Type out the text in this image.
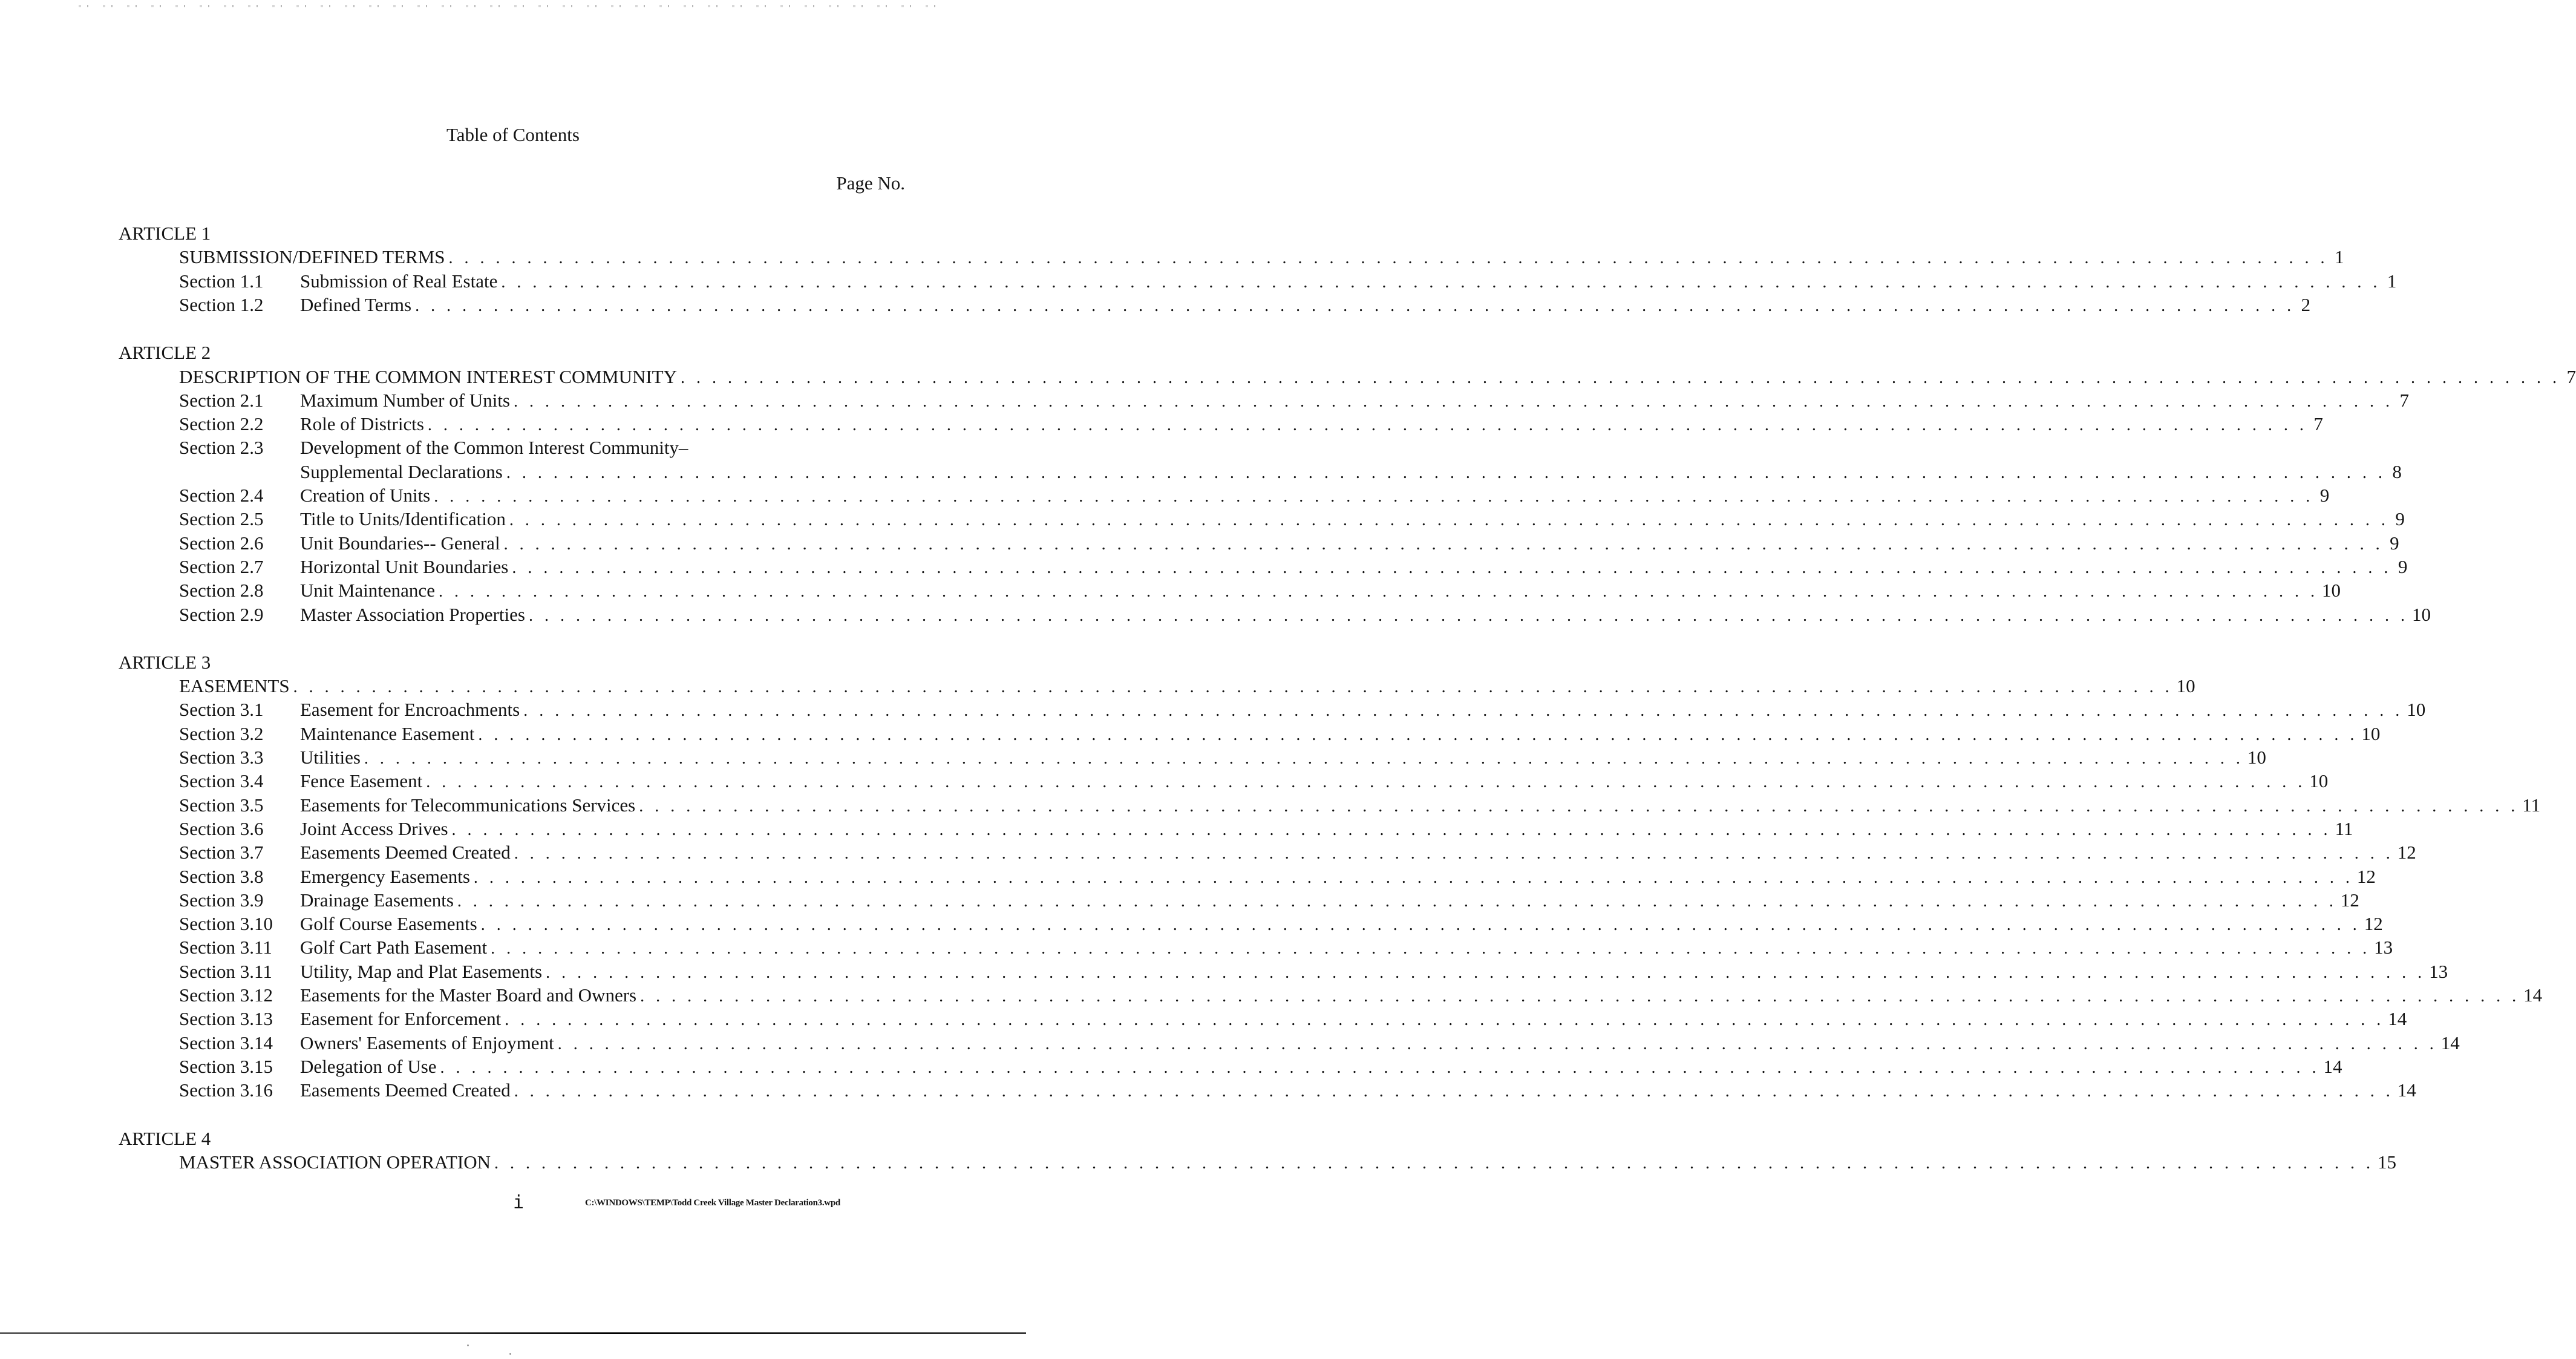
Table of Contents
Page No.
ARTICLE 1
SUBMISSION/DEFINED TERMS . . . . . . . . . . . . . . . . . . . . . . . . . . . . . . . . . . . . . . . . . . . . . . . . . . . . . . . . . . . . . . . . . . . . . . . . . . . . . . . . . . . . . . . . . . . . . . . . . . . . . . . . . . . . . . . . . . . . . . . . 1
Section 1.1	Submission of Real Estate . . . . . . . . . . . . . . . . . . . . . . . . . . . . . . . . . . . . . . . . . . . . . . . . . . . . . . . . . . . . . . . . . . . . . . . . . . . . . . . . . . . . . . . . . . . . . . . . . . . . . . . . . . . . . . . . . . . . . . . . 1
Section 1.2	Defined Terms . . . . . . . . . . . . . . . . . . . . . . . . . . . . . . . . . . . . . . . . . . . . . . . . . . . . . . . . . . . . . . . . . . . . . . . . . . . . . . . . . . . . . . . . . . . . . . . . . . . . . . . . . . . . . . . . . . . . . . . . 2
ARTICLE 2
DESCRIPTION OF THE COMMON INTEREST COMMUNITY . . . . . . . . . . . . . . . . . . . . . . . . . . . . . . . . . . . . . . . . . . . . . . . . . . . . . . . . . . . . . . . . . . . . . . . . . . . . . . . . . . . . . . . . . . . . . . . . . . . . . . . . . . . . . . . . . . . . . . . . 7
Section 2.1	Maximum Number of Units . . . . . . . . . . . . . . . . . . . . . . . . . . . . . . . . . . . . . . . . . . . . . . . . . . . . . . . . . . . . . . . . . . . . . . . . . . . . . . . . . . . . . . . . . . . . . . . . . . . . . . . . . . . . . . . . . . . . . . . . 7
Section 2.2	Role of Districts . . . . . . . . . . . . . . . . . . . . . . . . . . . . . . . . . . . . . . . . . . . . . . . . . . . . . . . . . . . . . . . . . . . . . . . . . . . . . . . . . . . . . . . . . . . . . . . . . . . . . . . . . . . . . . . . . . . . . . . . 7
Section 2.3	Development of the Common Interest Community–
Supplemental Declarations . . . . . . . . . . . . . . . . . . . . . . . . . . . . . . . . . . . . . . . . . . . . . . . . . . . . . . . . . . . . . . . . . . . . . . . . . . . . . . . . . . . . . . . . . . . . . . . . . . . . . . . . . . . . . . . . . . . . . . . . 8
Section 2.4	Creation of Units . . . . . . . . . . . . . . . . . . . . . . . . . . . . . . . . . . . . . . . . . . . . . . . . . . . . . . . . . . . . . . . . . . . . . . . . . . . . . . . . . . . . . . . . . . . . . . . . . . . . . . . . . . . . . . . . . . . . . . . . 9
Section 2.5	Title to Units/Identification . . . . . . . . . . . . . . . . . . . . . . . . . . . . . . . . . . . . . . . . . . . . . . . . . . . . . . . . . . . . . . . . . . . . . . . . . . . . . . . . . . . . . . . . . . . . . . . . . . . . . . . . . . . . . . . . . . . . . . . . 9
Section 2.6	Unit Boundaries-- General . . . . . . . . . . . . . . . . . . . . . . . . . . . . . . . . . . . . . . . . . . . . . . . . . . . . . . . . . . . . . . . . . . . . . . . . . . . . . . . . . . . . . . . . . . . . . . . . . . . . . . . . . . . . . . . . . . . . . . . . 9
Section 2.7	Horizontal Unit Boundaries . . . . . . . . . . . . . . . . . . . . . . . . . . . . . . . . . . . . . . . . . . . . . . . . . . . . . . . . . . . . . . . . . . . . . . . . . . . . . . . . . . . . . . . . . . . . . . . . . . . . . . . . . . . . . . . . . . . . . . . . 9
Section 2.8	Unit Maintenance . . . . . . . . . . . . . . . . . . . . . . . . . . . . . . . . . . . . . . . . . . . . . . . . . . . . . . . . . . . . . . . . . . . . . . . . . . . . . . . . . . . . . . . . . . . . . . . . . . . . . . . . . . . . . . . . . . . . . . . . 10
Section 2.9	Master Association Properties . . . . . . . . . . . . . . . . . . . . . . . . . . . . . . . . . . . . . . . . . . . . . . . . . . . . . . . . . . . . . . . . . . . . . . . . . . . . . . . . . . . . . . . . . . . . . . . . . . . . . . . . . . . . . . . . . . . . . . . . 10
ARTICLE 3
EASEMENTS . . . . . . . . . . . . . . . . . . . . . . . . . . . . . . . . . . . . . . . . . . . . . . . . . . . . . . . . . . . . . . . . . . . . . . . . . . . . . . . . . . . . . . . . . . . . . . . . . . . . . . . . . . . . . . . . . . . . . . . . 10
Section 3.1	Easement for Encroachments . . . . . . . . . . . . . . . . . . . . . . . . . . . . . . . . . . . . . . . . . . . . . . . . . . . . . . . . . . . . . . . . . . . . . . . . . . . . . . . . . . . . . . . . . . . . . . . . . . . . . . . . . . . . . . . . . . . . . . . . 10
Section 3.2	Maintenance Easement . . . . . . . . . . . . . . . . . . . . . . . . . . . . . . . . . . . . . . . . . . . . . . . . . . . . . . . . . . . . . . . . . . . . . . . . . . . . . . . . . . . . . . . . . . . . . . . . . . . . . . . . . . . . . . . . . . . . . . . . 10
Section 3.3	Utilities . . . . . . . . . . . . . . . . . . . . . . . . . . . . . . . . . . . . . . . . . . . . . . . . . . . . . . . . . . . . . . . . . . . . . . . . . . . . . . . . . . . . . . . . . . . . . . . . . . . . . . . . . . . . . . . . . . . . . . . . 10
Section 3.4	Fence Easement . . . . . . . . . . . . . . . . . . . . . . . . . . . . . . . . . . . . . . . . . . . . . . . . . . . . . . . . . . . . . . . . . . . . . . . . . . . . . . . . . . . . . . . . . . . . . . . . . . . . . . . . . . . . . . . . . . . . . . . . 10
Section 3.5	Easements for Telecommunications Services . . . . . . . . . . . . . . . . . . . . . . . . . . . . . . . . . . . . . . . . . . . . . . . . . . . . . . . . . . . . . . . . . . . . . . . . . . . . . . . . . . . . . . . . . . . . . . . . . . . . . . . . . . . . . . . . . . . . . . . . 11
Section 3.6	Joint Access Drives . . . . . . . . . . . . . . . . . . . . . . . . . . . . . . . . . . . . . . . . . . . . . . . . . . . . . . . . . . . . . . . . . . . . . . . . . . . . . . . . . . . . . . . . . . . . . . . . . . . . . . . . . . . . . . . . . . . . . . . . 11
Section 3.7	Easements Deemed Created . . . . . . . . . . . . . . . . . . . . . . . . . . . . . . . . . . . . . . . . . . . . . . . . . . . . . . . . . . . . . . . . . . . . . . . . . . . . . . . . . . . . . . . . . . . . . . . . . . . . . . . . . . . . . . . . . . . . . . . . 12
Section 3.8	Emergency Easements . . . . . . . . . . . . . . . . . . . . . . . . . . . . . . . . . . . . . . . . . . . . . . . . . . . . . . . . . . . . . . . . . . . . . . . . . . . . . . . . . . . . . . . . . . . . . . . . . . . . . . . . . . . . . . . . . . . . . . . . 12
Section 3.9	Drainage Easements . . . . . . . . . . . . . . . . . . . . . . . . . . . . . . . . . . . . . . . . . . . . . . . . . . . . . . . . . . . . . . . . . . . . . . . . . . . . . . . . . . . . . . . . . . . . . . . . . . . . . . . . . . . . . . . . . . . . . . . . 12
Section 3.10	Golf Course Easements . . . . . . . . . . . . . . . . . . . . . . . . . . . . . . . . . . . . . . . . . . . . . . . . . . . . . . . . . . . . . . . . . . . . . . . . . . . . . . . . . . . . . . . . . . . . . . . . . . . . . . . . . . . . . . . . . . . . . . . . 12
Section 3.11	Golf Cart Path Easement . . . . . . . . . . . . . . . . . . . . . . . . . . . . . . . . . . . . . . . . . . . . . . . . . . . . . . . . . . . . . . . . . . . . . . . . . . . . . . . . . . . . . . . . . . . . . . . . . . . . . . . . . . . . . . . . . . . . . . . . 13
Section 3.11	Utility, Map and Plat Easements . . . . . . . . . . . . . . . . . . . . . . . . . . . . . . . . . . . . . . . . . . . . . . . . . . . . . . . . . . . . . . . . . . . . . . . . . . . . . . . . . . . . . . . . . . . . . . . . . . . . . . . . . . . . . . . . . . . . . . . . 13
Section 3.12	Easements for the Master Board and Owners . . . . . . . . . . . . . . . . . . . . . . . . . . . . . . . . . . . . . . . . . . . . . . . . . . . . . . . . . . . . . . . . . . . . . . . . . . . . . . . . . . . . . . . . . . . . . . . . . . . . . . . . . . . . . . . . . . . . . . . . 14
Section 3.13	Easement for Enforcement . . . . . . . . . . . . . . . . . . . . . . . . . . . . . . . . . . . . . . . . . . . . . . . . . . . . . . . . . . . . . . . . . . . . . . . . . . . . . . . . . . . . . . . . . . . . . . . . . . . . . . . . . . . . . . . . . . . . . . . . 14
Section 3.14	Owners' Easements of Enjoyment . . . . . . . . . . . . . . . . . . . . . . . . . . . . . . . . . . . . . . . . . . . . . . . . . . . . . . . . . . . . . . . . . . . . . . . . . . . . . . . . . . . . . . . . . . . . . . . . . . . . . . . . . . . . . . . . . . . . . . . . 14
Section 3.15	Delegation of Use . . . . . . . . . . . . . . . . . . . . . . . . . . . . . . . . . . . . . . . . . . . . . . . . . . . . . . . . . . . . . . . . . . . . . . . . . . . . . . . . . . . . . . . . . . . . . . . . . . . . . . . . . . . . . . . . . . . . . . . . 14
Section 3.16	Easements Deemed Created . . . . . . . . . . . . . . . . . . . . . . . . . . . . . . . . . . . . . . . . . . . . . . . . . . . . . . . . . . . . . . . . . . . . . . . . . . . . . . . . . . . . . . . . . . . . . . . . . . . . . . . . . . . . . . . . . . . . . . . . 14
ARTICLE 4
MASTER ASSOCIATION OPERATION . . . . . . . . . . . . . . . . . . . . . . . . . . . . . . . . . . . . . . . . . . . . . . . . . . . . . . . . . . . . . . . . . . . . . . . . . . . . . . . . . . . . . . . . . . . . . . . . . . . . . . . . . . . . . . . . . . . . . . . . 15
i	C:\WINDOWS\TEMP\Todd Creek Village Master Declaration3.wpd
